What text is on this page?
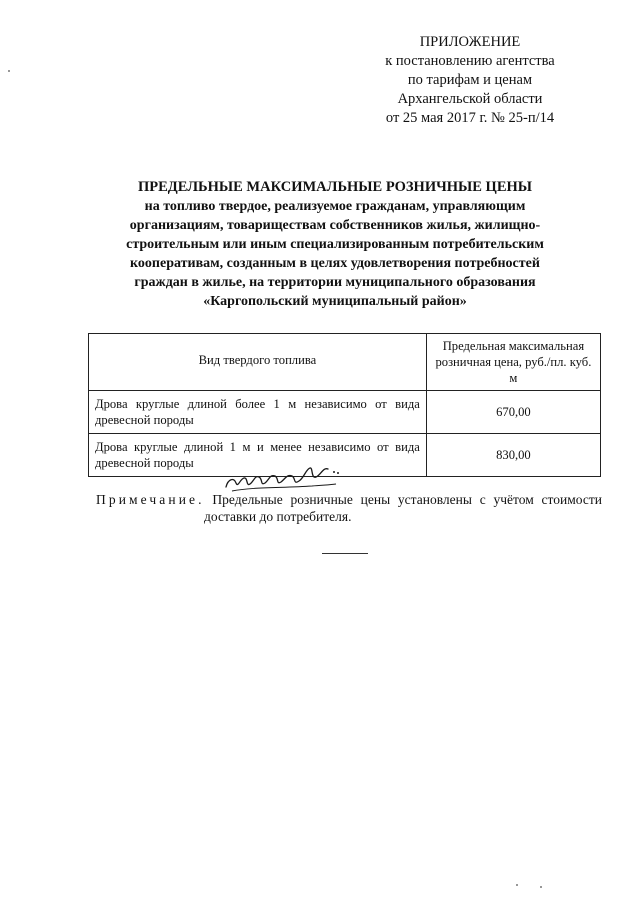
ПРИЛОЖЕНИЕ
к постановлению агентства
по тарифам и ценам
Архангельской области
от 25 мая 2017 г. № 25-п/14
ПРЕДЕЛЬНЫЕ МАКСИМАЛЬНЫЕ РОЗНИЧНЫЕ ЦЕНЫ
на топливо твердое, реализуемое гражданам, управляющим
организациям, товариществам собственников жилья, жилищно-
строительным или иным специализированным потребительским
кооперативам, созданным в целях удовлетворения потребностей
граждан в жилье, на территории муниципального образования
«Каргопольский муниципальный район»
Вид твердого топлива	Предельная максимальная розничная цена, руб./пл. куб. м
Дрова круглые длиной более 1 м независимо от вида древесной породы	670,00
Дрова круглые длиной 1 м и менее независимо от вида древесной породы	830,00
Примечание. Предельные розничные цены установлены с учётом стоимости
доставки до потребителя.
